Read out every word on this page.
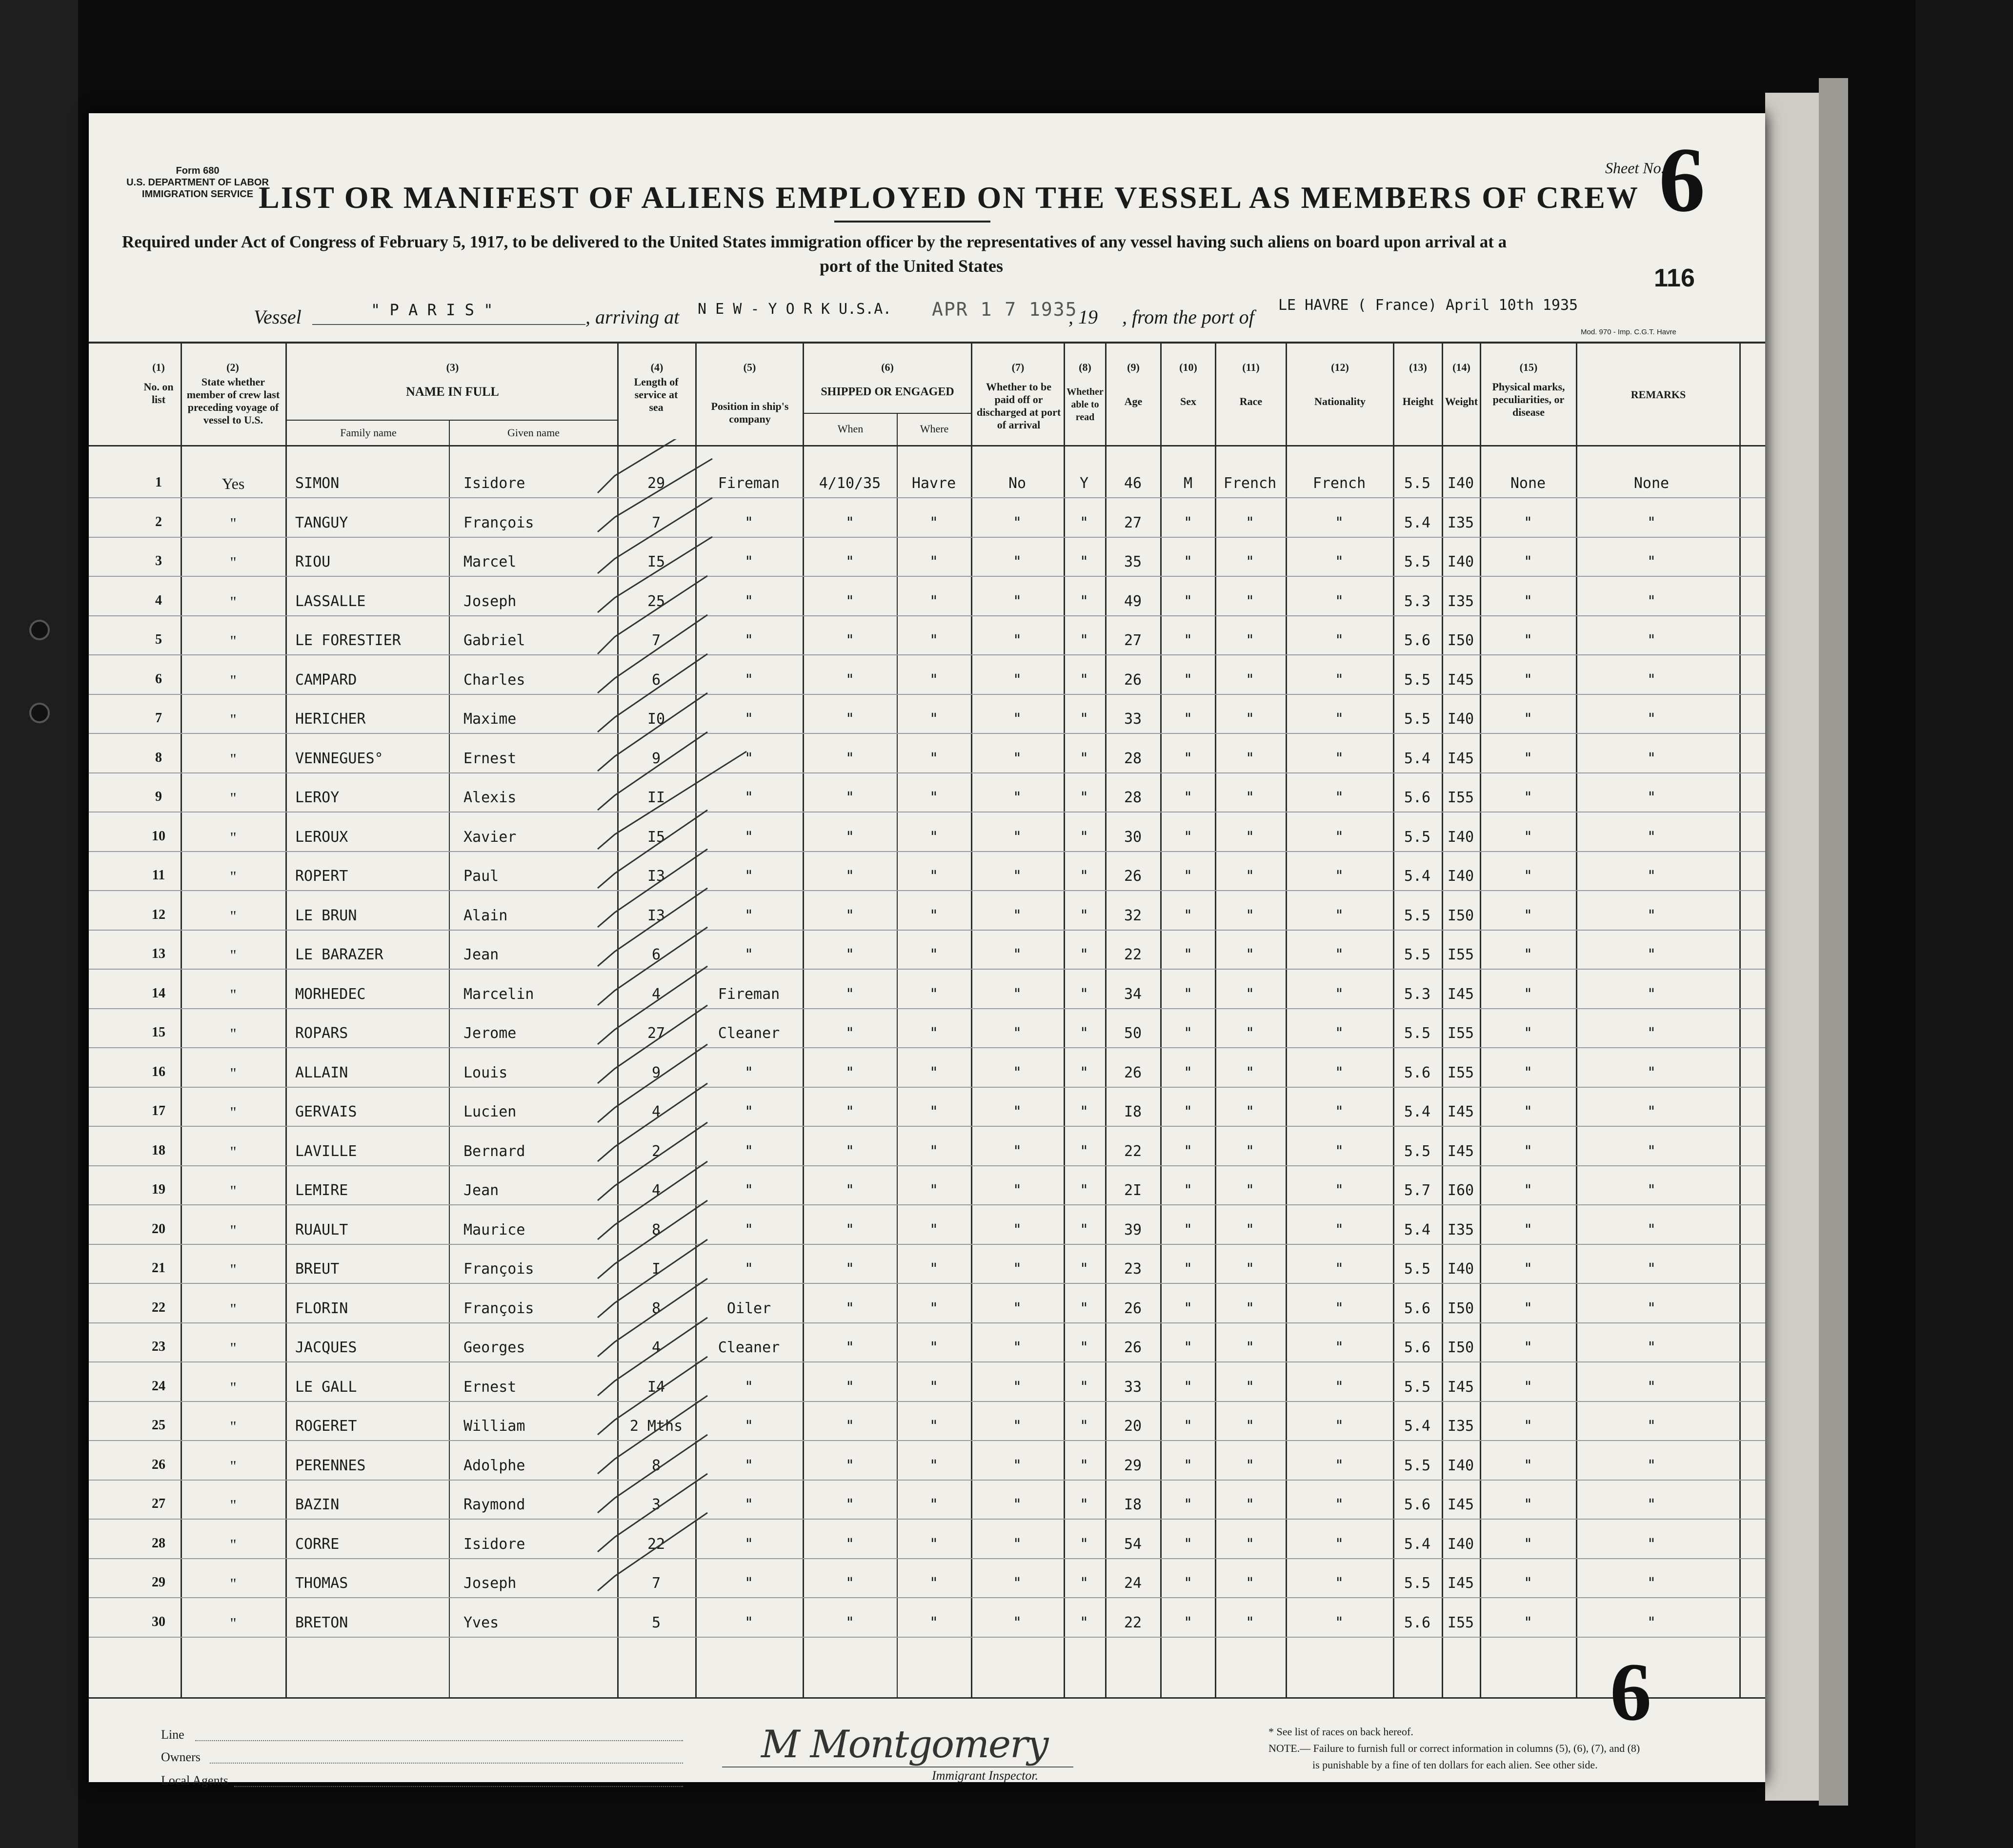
Form 680
U.S. DEPARTMENT OF LABOR
IMMIGRATION SERVICE LIST OR MANIFEST OF ALIENS EMPLOYED ON THE VESSEL AS MEMBERS OF CREW
Sheet No.
6
Required under Act of Congress of February 5, 1917, to be delivered to the United States immigration officer by the representatives of any vessel having such aliens on board upon arrival at a
port of the United States	116
Vessel	" P A R I S "	, arriving at N E W - Y O R K U.S.A. APR 1 7 1935
, 19 , from the port of
LE HAVRE ( France) April 10th 1935
Mod. 970 - Imp. C.G.T. Havre
(1)
No. on list
(2)
State whether member of crew last preceding voyage of vessel to U.S.
(3)
NAME IN FULL
Family name	Given name
(4)
Length of service at sea
(5)
Position in ship's company
(6)
SHIPPED OR ENGAGED
When	Where
(7)
Whether to be paid off or discharged at port of arrival
(8)
Whether able to read
(9)
Age
(10)
Sex
(11)
Race
(12)
Nationality
(13)
Height
(14)
Weight
(15)
Physical marks, peculiarities, or disease
REMARKS
1	Yes	SIMON	Isidore	29	Fireman	4/10/35	Havre	No	Y	46	M	French	French	5.5	I40	None	None
2	"	TANGUY	François	7	"	"	"	"	"	27	"	"	"	5.4	I35	"	"
3	"	RIOU	Marcel	I5	"	"	"	"	"	35	"	"	"	5.5	I40	"	"
4	"	LASSALLE	Joseph	25	"	"	"	"	"	49	"	"	"	5.3	I35	"	"
5	"	LE FORESTIER	Gabriel	7	"	"	"	"	"	27	"	"	"	5.6	I50	"	"
6	"	CAMPARD	Charles	6	"	"	"	"	"	26	"	"	"	5.5	I45	"	"
7	"	HERICHER	Maxime	I0	"	"	"	"	"	33	"	"	"	5.5	I40	"	"
8	"	VENNEGUES°	Ernest	9	"	"	"	"	"	28	"	"	"	5.4	I45	"	"
9	"	LEROY	Alexis	II	"	"	"	"	"	28	"	"	"	5.6	I55	"	"
10	"	LEROUX	Xavier	I5	"	"	"	"	"	30	"	"	"	5.5	I40	"	"
11	"	ROPERT	Paul	I3	"	"	"	"	"	26	"	"	"	5.4	I40	"	"
12	"	LE BRUN	Alain	I3	"	"	"	"	"	32	"	"	"	5.5	I50	"	"
13	"	LE BARAZER	Jean	6	"	"	"	"	"	22	"	"	"	5.5	I55	"	"
14	"	MORHEDEC	Marcelin	4	Fireman	"	"	"	"	34	"	"	"	5.3	I45	"	"
15	"	ROPARS	Jerome	27	Cleaner	"	"	"	"	50	"	"	"	5.5	I55	"	"
16	"	ALLAIN	Louis	9	"	"	"	"	"	26	"	"	"	5.6	I55	"	"
17	"	GERVAIS	Lucien	4	"	"	"	"	"	I8	"	"	"	5.4	I45	"	"
18	"	LAVILLE	Bernard	2	"	"	"	"	"	22	"	"	"	5.5	I45	"	"
19	"	LEMIRE	Jean	4	"	"	"	"	"	2I	"	"	"	5.7	I60	"	"
20	"	RUAULT	Maurice	8	"	"	"	"	"	39	"	"	"	5.4	I35	"	"
21	"	BREUT	François	I	"	"	"	"	"	23	"	"	"	5.5	I40	"	"
22	"	FLORIN	François	8	Oiler	"	"	"	"	26	"	"	"	5.6	I50	"	"
23	"	JACQUES	Georges	4	Cleaner	"	"	"	"	26	"	"	"	5.6	I50	"	"
24	"	LE GALL	Ernest	I4	"	"	"	"	"	33	"	"	"	5.5	I45	"	"
25	"	ROGERET	William	2 Mths	"	"	"	"	"	20	"	"	"	5.4	I35	"	"
26	"	PERENNES	Adolphe	8	"	"	"	"	"	29	"	"	"	5.5	I40	"	"
27	"	BAZIN	Raymond	3	"	"	"	"	"	I8	"	"	"	5.6	I45	"	"
28	"	CORRE	Isidore	22	"	"	"	"	"	54	"	"	"	5.4	I40	"	"
29	"	THOMAS	Joseph	7	"	"	"	"	"	24	"	"	"	5.5	I45	"	"
30	"	BRETON	Yves	5	"	"	"	"	"	22	"	"	"	5.6	I55	"	"
Line
Owners
Local Agents
M Montgomery
Immigrant Inspector.
* See list of races on back hereof.
NOTE.— Failure to furnish full or correct information in columns (5), (6), (7), and (8)
is punishable by a fine of ten dollars for each alien. See other side.
6
